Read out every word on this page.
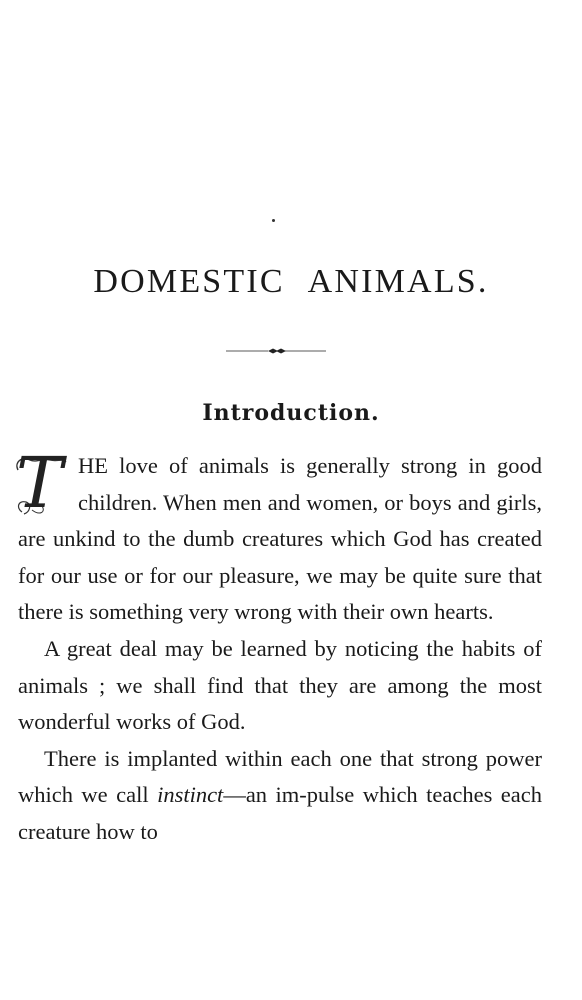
DOMESTIC ANIMALS.
Introduction.

T HE love of animals is generally strong in good children. When men and women, or boys and girls, are unkind to the dumb creatures which God has created for our use or for our pleasure, we may be quite sure that there is something very wrong with their own hearts.

A great deal may be learned by noticing the habits of animals ; we shall find that they are among the most wonderful works of God.

There is implanted within each one that strong power which we call instinct—an im-pulse which teaches each creature how to
